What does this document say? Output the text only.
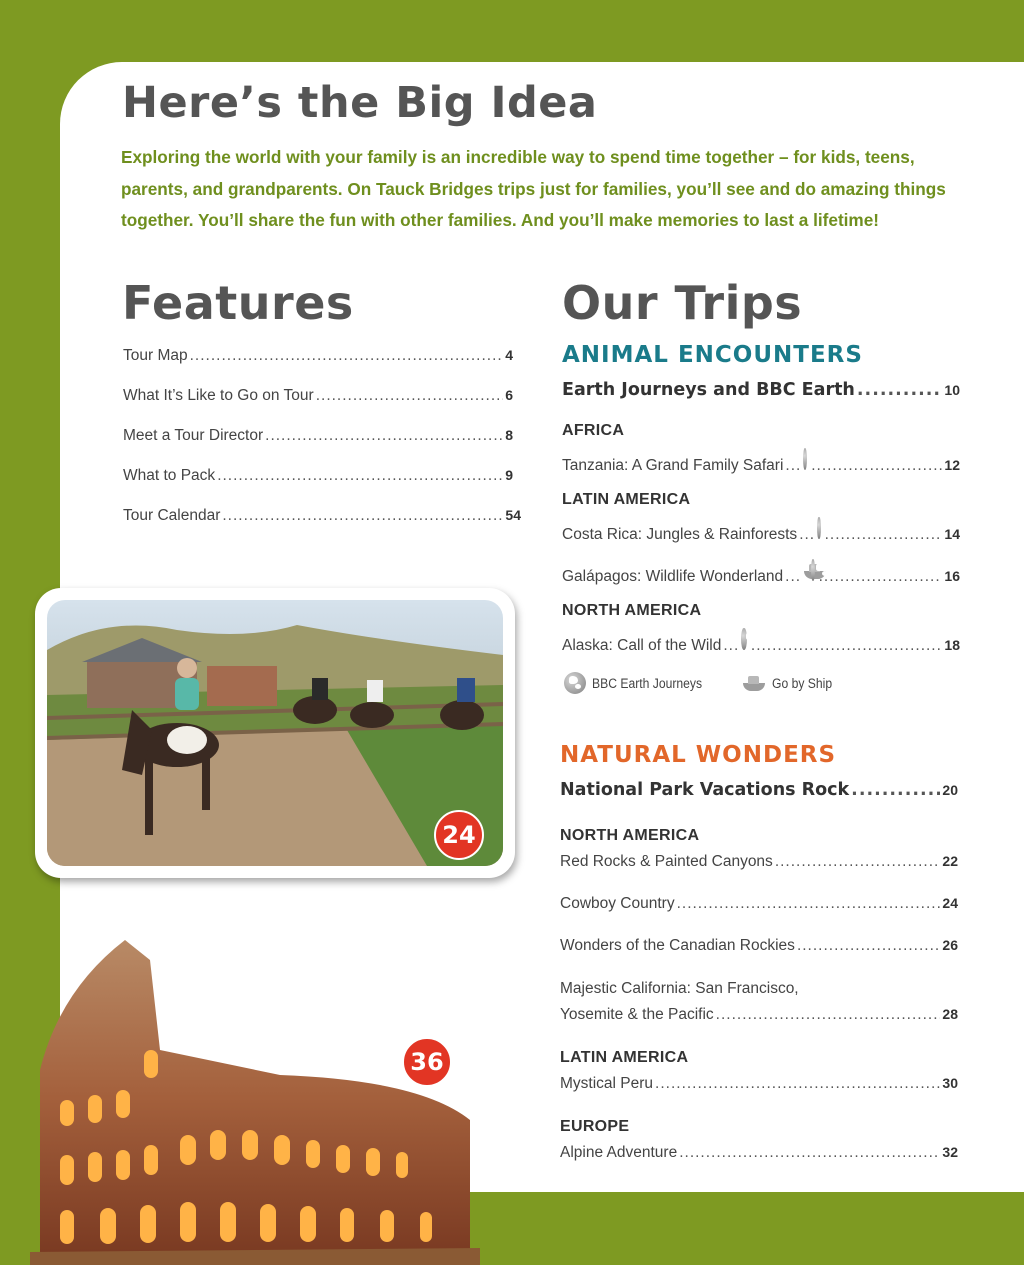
Here’s the Big Idea

Exploring the world with your family is an incredible way to spend time together – for kids, teens, parents, and grandparents. On Tauck Bridges trips just for families, you’ll see and do amazing things together. You’ll share the fun with other families. And you’ll make memories to last a lifetime!

Features
Tour Map .....	4
What It’s Like to Go on Tour .....	6
Meet a Tour Director .....	8
What to Pack .....	9
Tour Calendar .....	54
Our Trips
ANIMAL ENCOUNTERS
Earth Journeys and BBC Earth .....	10

AFRICA

Tanzania: A Grand Family Safari ..... .....	12

LATIN AMERICA

Costa Rica: Jungles & Rainforests ..... .....	14
Galápagos: Wildlife Wonderland ..... .....	16

NORTH AMERICA

Alaska: Call of the Wild ..... .....	18
BBC Earth Journeys	Go by Ship
NATURAL WONDERS
National Park Vacations Rock .....	20

NORTH AMERICA

Red Rocks & Painted Canyons .....	22
Cowboy Country .....	24
Wonders of the Canadian Rockies .....	26
Majestic California: San Francisco,
Yosemite & the Pacific .....	28

LATIN AMERICA

Mystical Peru .....	30

EUROPE

Alpine Adventure .....	32
24
36
